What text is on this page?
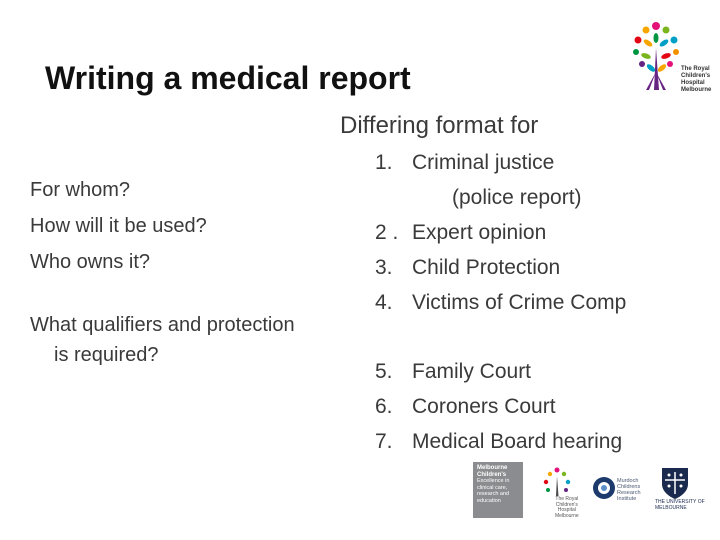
The Royal
Children's
Hospital
Melbourne
Writing a medical report
Differing format for
For whom?
How will it be used?
Who owns it?
What qualifiers and protection
is required?
1. Criminal justice
(police report)
2 . Expert opinion
3. Child Protection
4. Victims of Crime Comp
5. Family Court
6. Coroners Court
7. Medical Board hearing
Melbourne
Children's
Excellence in
clinical care,
research and
education	The Royal
Children's
Hospital
Melbourne
Murdoch
Childrens
Research
Institute	THE UNIVERSITY OF
MELBOURNE
